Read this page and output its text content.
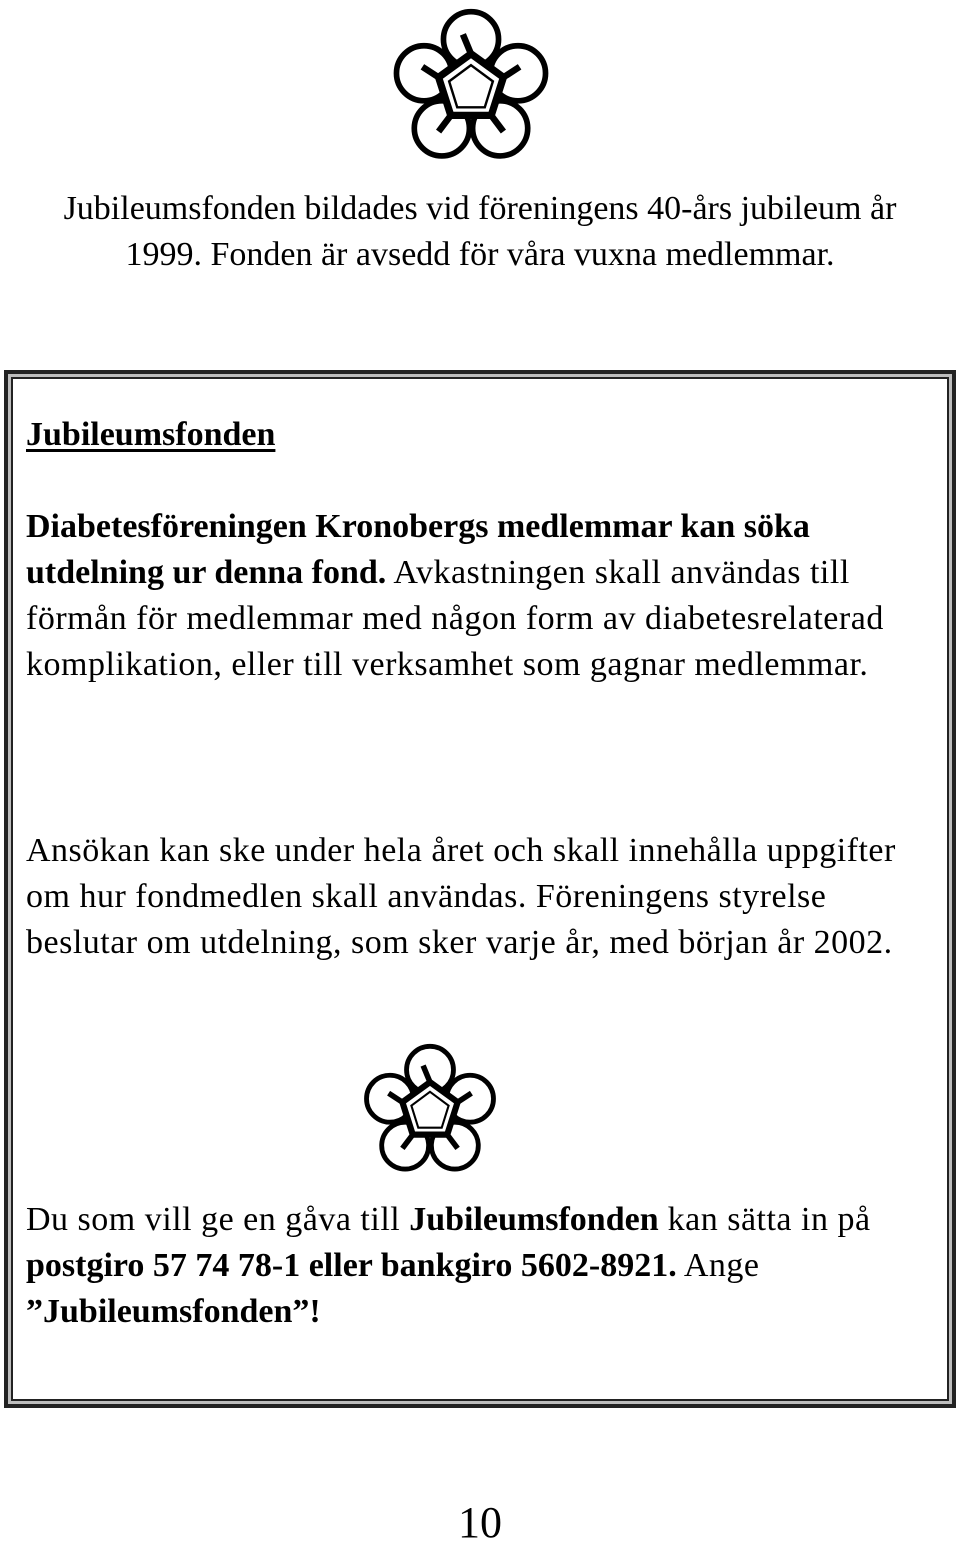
Jubileumsfonden bildades vid föreningens 40-års jubileum år 1999. Fonden är avsedd för våra vuxna medlemmar.

Jubileumsfonden

Diabetesföreningen Kronobergs medlemmar kan söka utdelning ur denna fond. Avkastningen skall användas till förmån för medlemmar med någon form av diabetesrelaterad komplikation, eller till verksamhet som gagnar medlemmar.

Ansökan kan ske under hela året och skall innehålla uppgifter om hur fondmedlen skall användas. Föreningens styrelse beslutar om utdelning, som sker varje år, med början år 2002.

Du som vill ge en gåva till Jubileumsfonden kan sätta in på postgiro 57 74 78-1 eller bankgiro 5602-8921. Ange ”Jubileumsfonden”!

10
